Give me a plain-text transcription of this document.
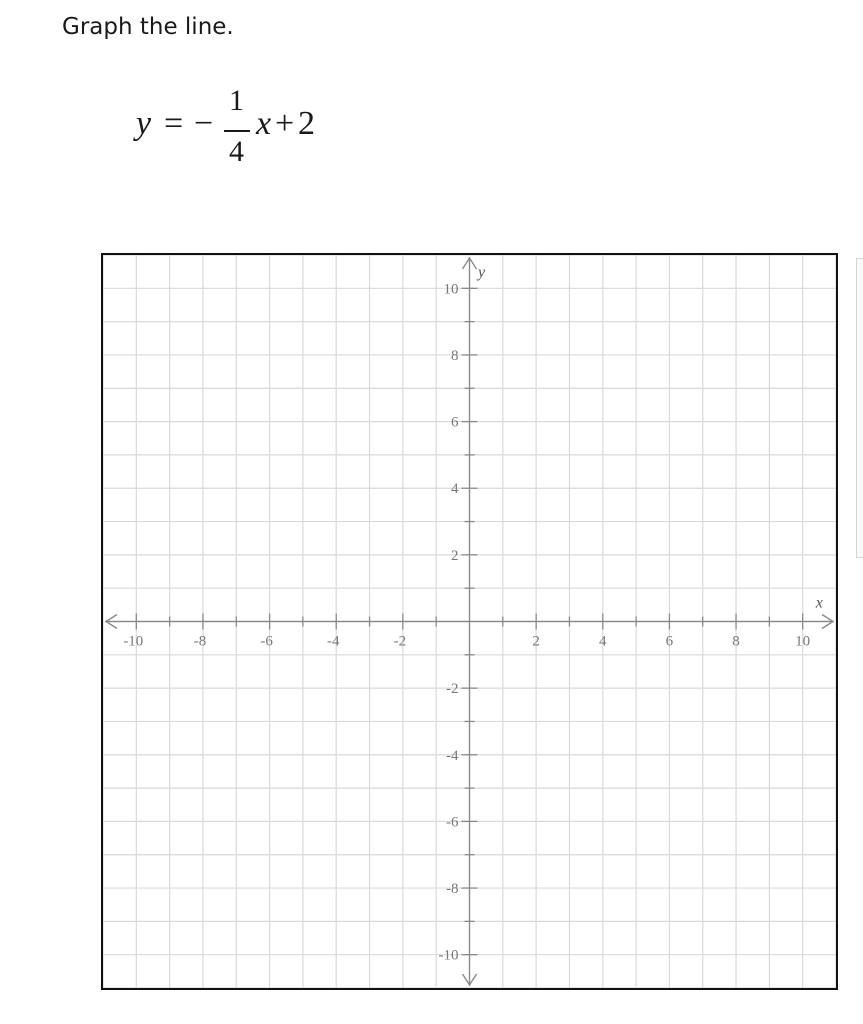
Graph the line.
y = −
1
4
x + 2
-10	-8	-6	-4	-2	2	4	6	8	10
10
8
6
4
2
-2
-4
-6
-8
-10
x
y
